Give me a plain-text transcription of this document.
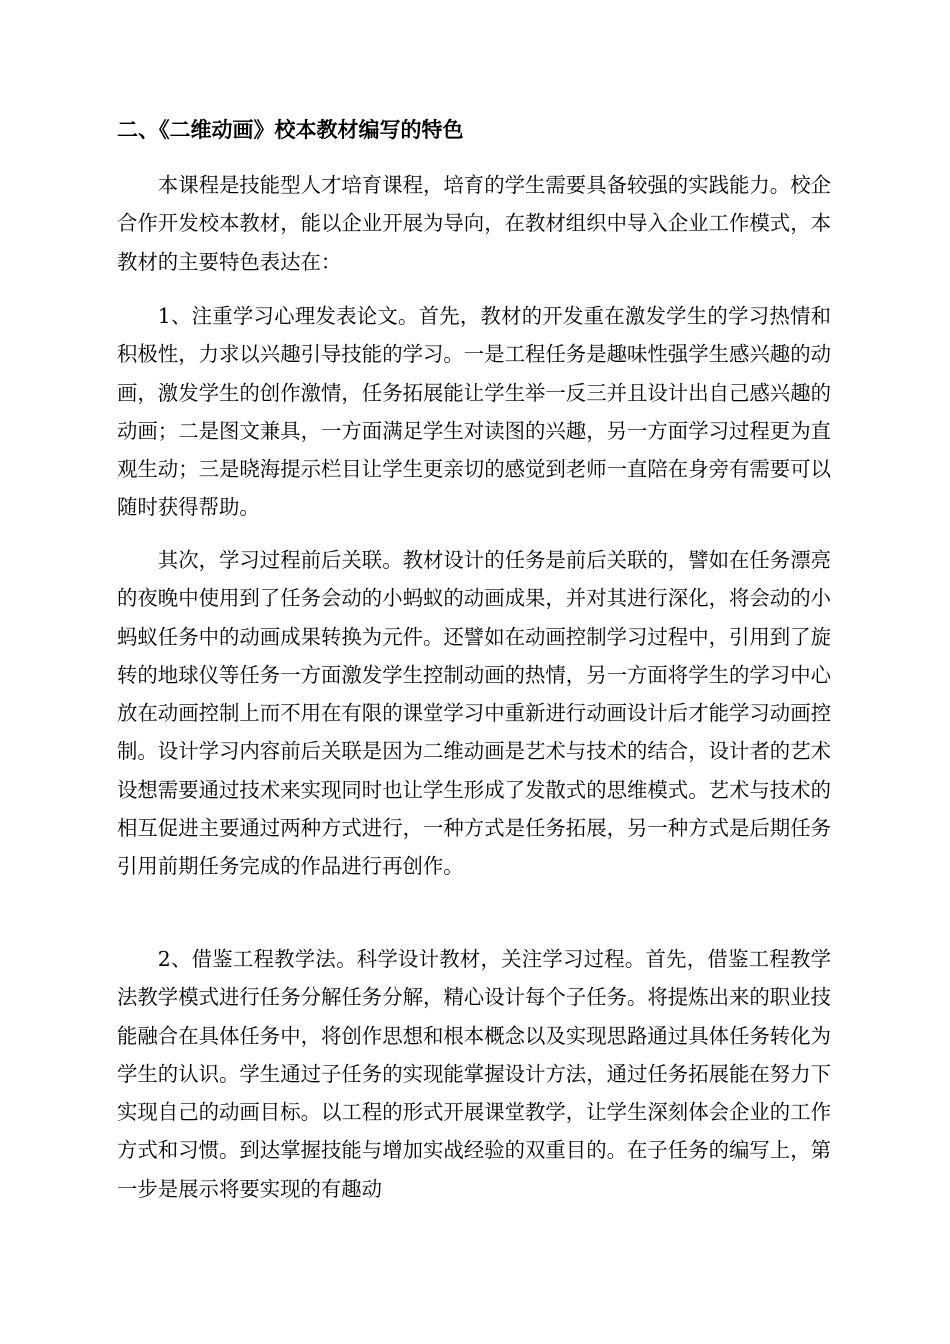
二、《二维动画》校本教材编写的特色

本课程是技能型人才培育课程，培育的学生需要具备较强的实践能力。校企合作开发校本教材，能以企业开展为导向，在教材组织中导入企业工作模式，本教材的主要特色表达在：

1、注重学习心理发表论文。首先，教材的开发重在激发学生的学习热情和积极性，力求以兴趣引导技能的学习。一是工程任务是趣味性强学生感兴趣的动画，激发学生的创作激情，任务拓展能让学生举一反三并且设计出自己感兴趣的动画；二是图文兼具，一方面满足学生对读图的兴趣，另一方面学习过程更为直观生动；三是晓海提示栏目让学生更亲切的感觉到老师一直陪在身旁有需要可以随时获得帮助。

其次，学习过程前后关联。教材设计的任务是前后关联的，譬如在任务漂亮的夜晚中使用到了任务会动的小蚂蚁的动画成果，并对其进行深化，将会动的小蚂蚁任务中的动画成果转换为元件。还譬如在动画控制学习过程中，引用到了旋转的地球仪等任务一方面激发学生控制动画的热情，另一方面将学生的学习中心放在动画控制上而不用在有限的课堂学习中重新进行动画设计后才能学习动画控制。设计学习内容前后关联是因为二维动画是艺术与技术的结合，设计者的艺术设想需要通过技术来实现同时也让学生形成了发散式的思维模式。艺术与技术的相互促进主要通过两种方式进行，一种方式是任务拓展，另一种方式是后期任务引用前期任务完成的作品进行再创作。

2、借鉴工程教学法。科学设计教材，关注学习过程。首先，借鉴工程教学法教学模式进行任务分解任务分解，精心设计每个子任务。将提炼出来的职业技能融合在具体任务中，将创作思想和根本概念以及实现思路通过具体任务转化为学生的认识。学生通过子任务的实现能掌握设计方法，通过任务拓展能在努力下实现自己的动画目标。以工程的形式开展课堂教学，让学生深刻体会企业的工作方式和习惯。到达掌握技能与增加实战经验的双重目的。在子任务的编写上，第一步是展示将要实现的有趣动
